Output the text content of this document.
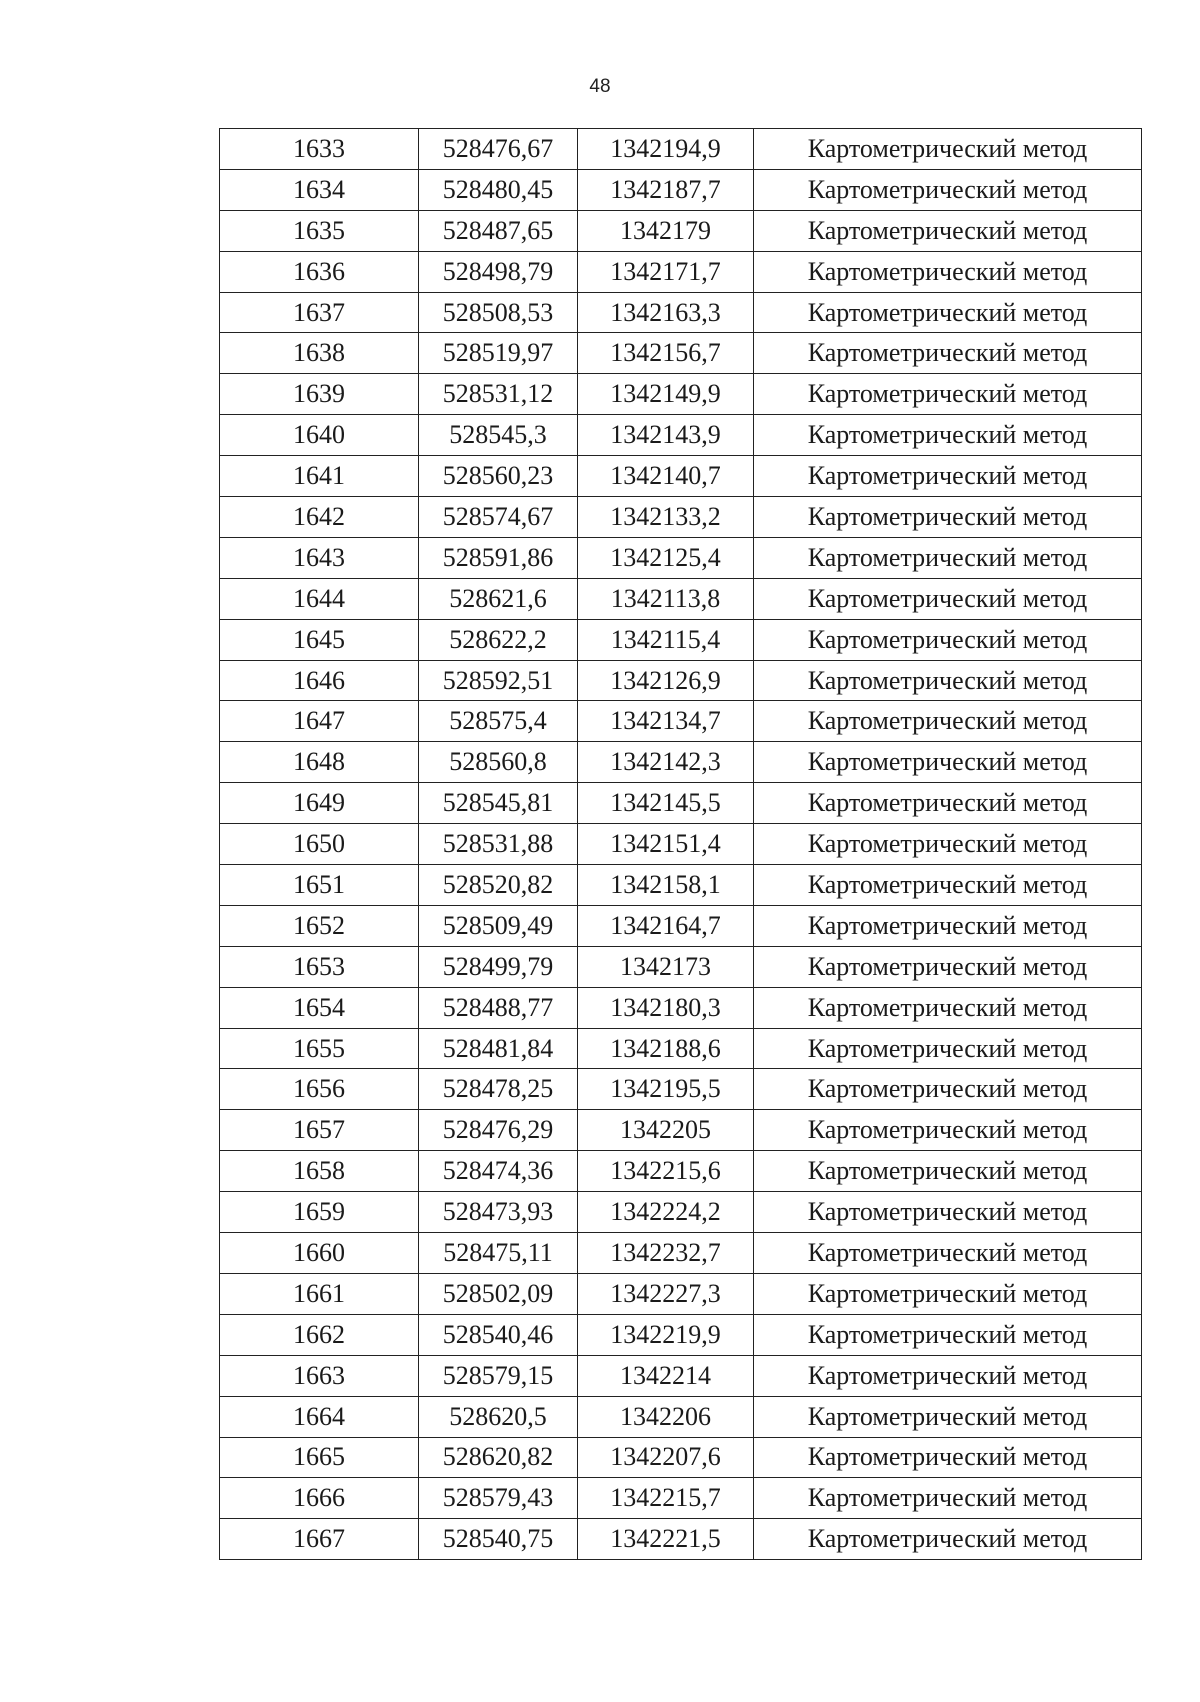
48
1633	528476,67	1342194,9	Картометрический метод
1634	528480,45	1342187,7	Картометрический метод
1635	528487,65	1342179	Картометрический метод
1636	528498,79	1342171,7	Картометрический метод
1637	528508,53	1342163,3	Картометрический метод
1638	528519,97	1342156,7	Картометрический метод
1639	528531,12	1342149,9	Картометрический метод
1640	528545,3	1342143,9	Картометрический метод
1641	528560,23	1342140,7	Картометрический метод
1642	528574,67	1342133,2	Картометрический метод
1643	528591,86	1342125,4	Картометрический метод
1644	528621,6	1342113,8	Картометрический метод
1645	528622,2	1342115,4	Картометрический метод
1646	528592,51	1342126,9	Картометрический метод
1647	528575,4	1342134,7	Картометрический метод
1648	528560,8	1342142,3	Картометрический метод
1649	528545,81	1342145,5	Картометрический метод
1650	528531,88	1342151,4	Картометрический метод
1651	528520,82	1342158,1	Картометрический метод
1652	528509,49	1342164,7	Картометрический метод
1653	528499,79	1342173	Картометрический метод
1654	528488,77	1342180,3	Картометрический метод
1655	528481,84	1342188,6	Картометрический метод
1656	528478,25	1342195,5	Картометрический метод
1657	528476,29	1342205	Картометрический метод
1658	528474,36	1342215,6	Картометрический метод
1659	528473,93	1342224,2	Картометрический метод
1660	528475,11	1342232,7	Картометрический метод
1661	528502,09	1342227,3	Картометрический метод
1662	528540,46	1342219,9	Картометрический метод
1663	528579,15	1342214	Картометрический метод
1664	528620,5	1342206	Картометрический метод
1665	528620,82	1342207,6	Картометрический метод
1666	528579,43	1342215,7	Картометрический метод
1667	528540,75	1342221,5	Картометрический метод
